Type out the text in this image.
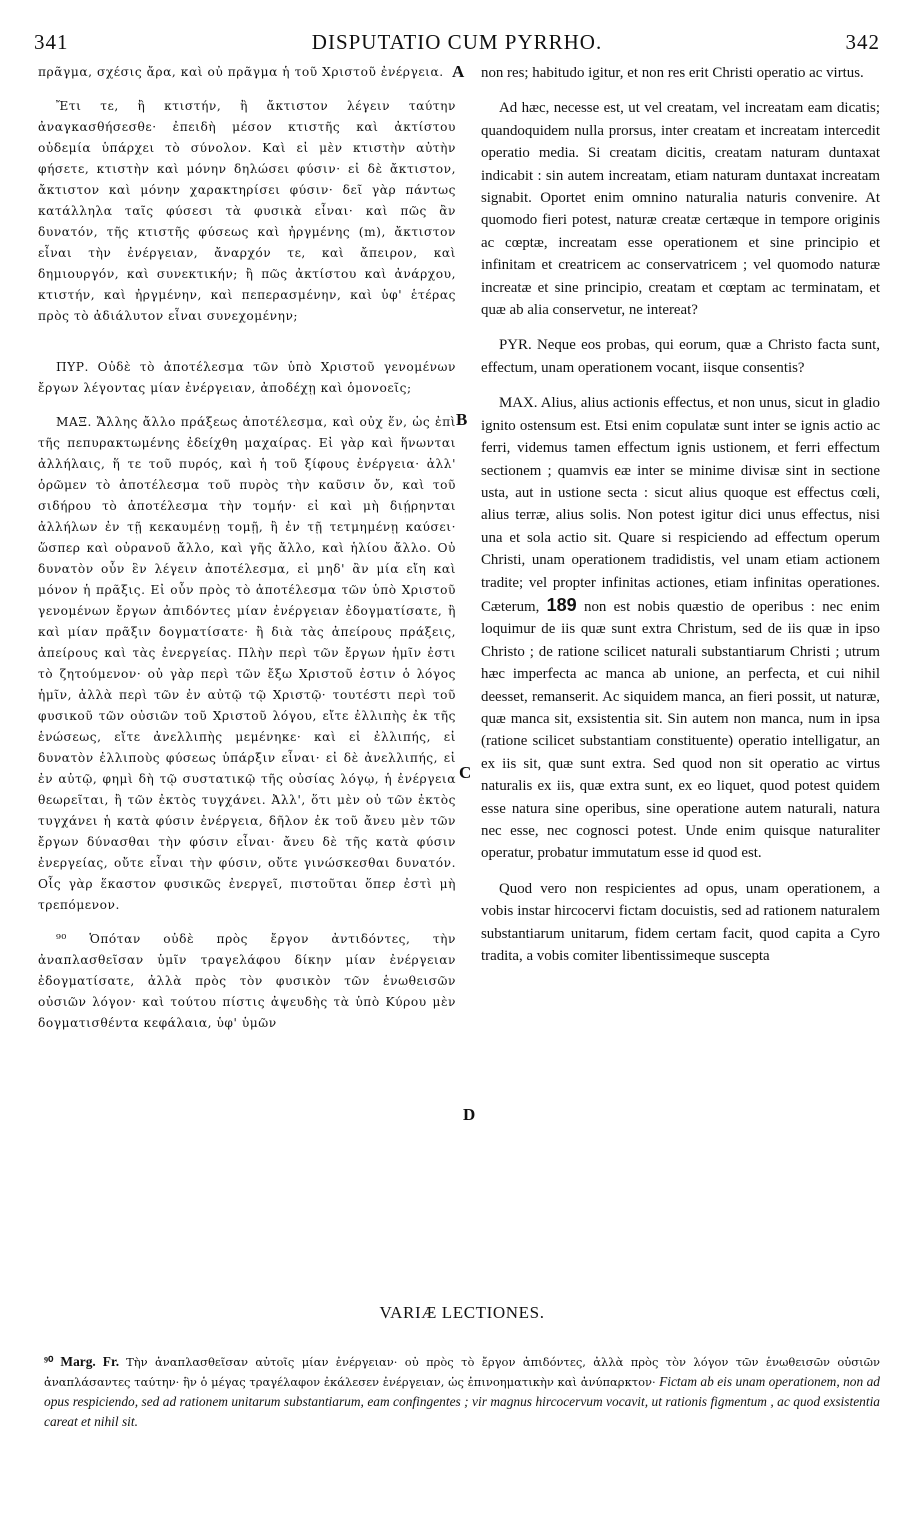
341	DISPUTATIO CUM PYRRHO.	342

πρᾶγμα, σχέσις ἄρα, καὶ οὐ πρᾶγμα ἡ τοῦ Χριστοῦ ἐνέργεια.

Ἔτι τε, ἢ κτιστήν, ἢ ἄκτιστον λέγειν ταύτην ἀναγκασθήσεσθε· ἐπειδὴ μέσον κτιστῆς καὶ ἀκτίστου οὐδεμία ὑπάρχει τὸ σύνολον. Καὶ εἰ μὲν κτιστὴν αὐτὴν φήσετε, κτιστὴν καὶ μόνην δηλώσει φύσιν· εἰ δὲ ἄκτιστον, ἄκτιστον καὶ μόνην χαρακτηρίσει φύσιν· δεῖ γὰρ πάντως κατάλληλα ταῖς φύσεσι τὰ φυσικὰ εἶναι· καὶ πῶς ἂν δυνατόν, τῆς κτιστῆς φύσεως καὶ ἠργμένης (m), ἄκτιστον εἶναι τὴν ἐνέργειαν, ἄναρχόν τε, καὶ ἄπειρον, καὶ δημιουργόν, καὶ συνεκτικήν; ἢ πῶς ἀκτίστου καὶ ἀνάρχου, κτιστήν, καὶ ἠργμένην, καὶ πεπερασμένην, καὶ ὑφ' ἑτέρας πρὸς τὸ ἀδιάλυτον εἶναι συνεχομένην;

ΠΥΡ. Οὐδὲ τὸ ἀποτέλεσμα τῶν ὑπὸ Χριστοῦ γενομένων ἔργων λέγοντας μίαν ἐνέργειαν, ἀποδέχῃ καὶ ὁμονοεῖς;

ΜΑΞ. Ἄλλης ἄλλο πράξεως ἀποτέλεσμα, καὶ οὐχ ἕν, ὡς ἐπὶ τῆς πεπυρακτωμένης ἐδείχθη μαχαίρας. Εἰ γὰρ καὶ ἥνωνται ἀλλήλαις, ἥ τε τοῦ πυρός, καὶ ἡ τοῦ ξίφους ἐνέργεια· ἀλλ' ὁρῶμεν τὸ ἀποτέλεσμα τοῦ πυρὸς τὴν καῦσιν ὄν, καὶ τοῦ σιδήρου τὸ ἀποτέλεσμα τὴν τομήν· εἰ καὶ μὴ διῄρηνται ἀλλήλων ἐν τῇ κεκαυμένῃ τομῇ, ἢ ἐν τῇ τετμημένῃ καύσει· ὥσπερ καὶ οὐρανοῦ ἄλλο, καὶ γῆς ἄλλο, καὶ ἡλίου ἄλλο. Οὐ δυνατὸν οὖν ἓν λέγειν ἀποτέλεσμα, εἰ μηδ' ἂν μία εἴη καὶ μόνον ἡ πρᾶξις. Εἰ οὖν πρὸς τὸ ἀποτέλεσμα τῶν ὑπὸ Χριστοῦ γενομένων ἔργων ἀπιδόντες μίαν ἐνέργειαν ἐδογματίσατε, ἢ καὶ μίαν πρᾶξιν δογματίσατε· ἢ διὰ τὰς ἀπείρους πράξεις, ἀπείρους καὶ τὰς ἐνεργείας. Πλὴν περὶ τῶν ἔργων ἡμῖν ἐστι τὸ ζητούμενον· οὐ γὰρ περὶ τῶν ἔξω Χριστοῦ ἐστιν ὁ λόγος ἡμῖν, ἀλλὰ περὶ τῶν ἐν αὐτῷ τῷ Χριστῷ· τουτέστι περὶ τοῦ φυσικοῦ τῶν οὐσιῶν τοῦ Χριστοῦ λόγου, εἴτε ἐλλιπὴς ἐκ τῆς ἑνώσεως, εἴτε ἀνελλιπὴς μεμένηκε· καὶ εἰ ἐλλιπής, εἰ δυνατὸν ἐλλιποὺς φύσεως ὑπάρξιν εἶναι· εἰ δὲ ἀνελλιπής, εἰ ἐν αὐτῷ, φημὶ δὴ τῷ συστατικῷ τῆς οὐσίας λόγῳ, ἡ ἐνέργεια θεωρεῖται, ἢ τῶν ἐκτὸς τυγχάνει. Ἀλλ', ὅτι μὲν οὐ τῶν ἐκτὸς τυγχάνει ἡ κατὰ φύσιν ἐνέργεια, δῆλον ἐκ τοῦ ἄνευ μὲν τῶν ἔργων δύνασθαι τὴν φύσιν εἶναι· ἄνευ δὲ τῆς κατὰ φύσιν ἐνεργείας, οὔτε εἶναι τὴν φύσιν, οὔτε γινώσκεσθαι δυνατόν. Οἷς γὰρ ἕκαστον φυσικῶς ἐνεργεῖ, πιστοῦται ὅπερ ἐστὶ μὴ τρεπόμενον.

⁹⁰ Ὁπόταν οὐδὲ πρὸς ἔργον ἀντιδόντες, τὴν ἀναπλασθεῖσαν ὑμῖν τραγελάφου δίκην μίαν ἐνέργειαν ἐδογματίσατε, ἀλλὰ πρὸς τὸν φυσικὸν τῶν ἑνωθεισῶν οὐσιῶν λόγον· καὶ τούτου πίστις ἀψευδὴς τὰ ὑπὸ Κύρου μὲν δογματισθέντα κεφάλαια, ὑφ' ὑμῶν

A
B
C
D

non res; habitudo igitur, et non res erit Christi operatio ac virtus.

Ad hæc, necesse est, ut vel creatam, vel increatam eam dicatis; quandoquidem nulla prorsus, inter creatam et increatam intercedit operatio media. Si creatam dicitis, creatam naturam duntaxat indicabit : sin autem increatam, etiam naturam duntaxat increatam signabit. Oportet enim omnino naturalia naturis convenire. At quomodo fieri potest, naturæ creatæ certæque in tempore originis ac cœptæ, increatam esse operationem et sine principio et infinitam et creatricem ac conservatricem ; vel quomodo naturæ increatæ et sine principio, creatam et cœptam ac terminatam, et quæ ab alia conservetur, ne intereat?

PYR. Neque eos probas, qui eorum, quæ a Christo facta sunt, effectum, unam operationem vocant, iisque consentis?

MAX. Alius, alius actionis effectus, et non unus, sicut in gladio ignito ostensum est. Etsi enim copulatæ sunt inter se ignis actio ac ferri, videmus tamen effectum ignis ustionem, et ferri effectum sectionem ; quamvis eæ inter se minime divisæ sint in sectione usta, aut in ustione secta : sicut alius quoque est effectus cœli, alius terræ, alius solis. Non potest igitur dici unus effectus, nisi una et sola actio sit. Quare si respiciendo ad effectum operum Christi, unam operationem tradidistis, vel unam etiam actionem tradite; vel propter infinitas actiones, etiam infinitas operationes. Cæterum, 189 non est nobis quæstio de operibus : nec enim loquimur de iis quæ sunt extra Christum, sed de iis quæ in ipso Christo ; de ratione scilicet naturali substantiarum Christi ; utrum hæc imperfecta ac manca ab unione, an perfecta, et cui nihil deesset, remanserit. Ac siquidem manca, an fieri possit, ut naturæ, quæ manca sit, exsistentia sit. Sin autem non manca, num in ipsa (ratione scilicet substantiam constituente) operatio intelligatur, an ex iis sit, quæ sunt extra. Sed quod non sit operatio ac virtus naturalis ex iis, quæ extra sunt, ex eo liquet, quod potest quidem esse natura sine operibus, sine operatione autem naturali, natura nec esse, nec cognosci potest. Unde enim quisque naturaliter operatur, probatur immutatum esse id quod est.

Quod vero non respicientes ad opus, unam operationem, a vobis instar hircocervi fictam docuistis, sed ad rationem naturalem substantiarum unitarum, fidem certam facit, quod capita a Cyro tradita, a vobis comiter libentissimeque suscepta

VARIÆ LECTIONES.
⁹⁰ Marg. Fr. Τὴν ἀναπλασθεῖσαν αὐτοῖς μίαν ἐνέργειαν· οὐ πρὸς τὸ ἔργον ἀπιδόντες, ἀλλὰ πρὸς τὸν λόγον τῶν ἑνωθεισῶν οὐσιῶν ἀναπλάσαντες ταύτην· ἣν ὁ μέγας τραγέλαφον ἐκάλεσεν ἐνέργειαν, ὡς ἐπινοηματικὴν καὶ ἀνύπαρκτον· Fictam ab eis unam operationem, non ad opus respiciendo, sed ad rationem unitarum substantiarum, eam confingentes ; vir magnus hircocervum vocavit, ut rationis figmentum , ac quod exsistentia careat et nihil sit.
